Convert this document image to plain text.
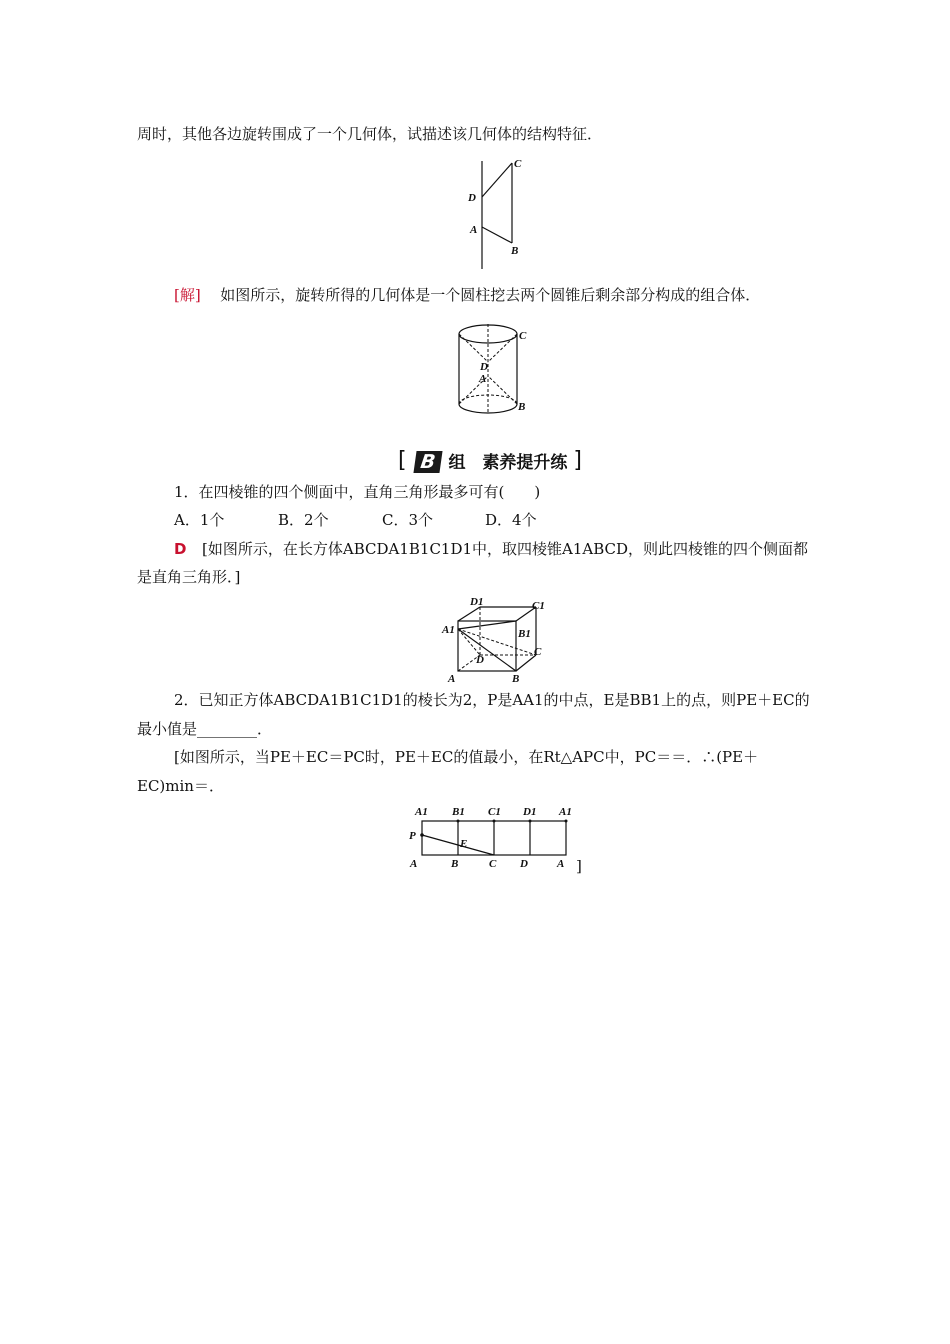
周时，其他各边旋转围成了一个几何体，试描述该几何体的结构特征．
C
D
A
B
[解] 如图所示，旋转所得的几何体是一个圆柱挖去两个圆锥后剩余部分构成的组合体．
C
D
A
B
[ B 组　素养提升练 ]
1．在四棱锥的四个侧面中，直角三角形最多可有(　　)
A．1个	B．2个	C．3个	D．4个
D [如图所示，在长方体ABCDA1B1C1D1中，取四棱锥A1ABCD，则此四棱锥的四个侧面都
是直角三角形．]
D1	C1
A1	B1
D
C
A	B
2．已知正方体ABCDA1B1C1D1的棱长为2，P是AA1的中点，E是BB1上的点，则PE＋EC的
最小值是________．
[如图所示，当PE＋EC＝PC时，PE＋EC的值最小，在Rt△APC中，PC＝＝．∴(PE＋
EC)min＝．
A1 B1 C1 D1 A1
P
E
A	B	C D	A ]
